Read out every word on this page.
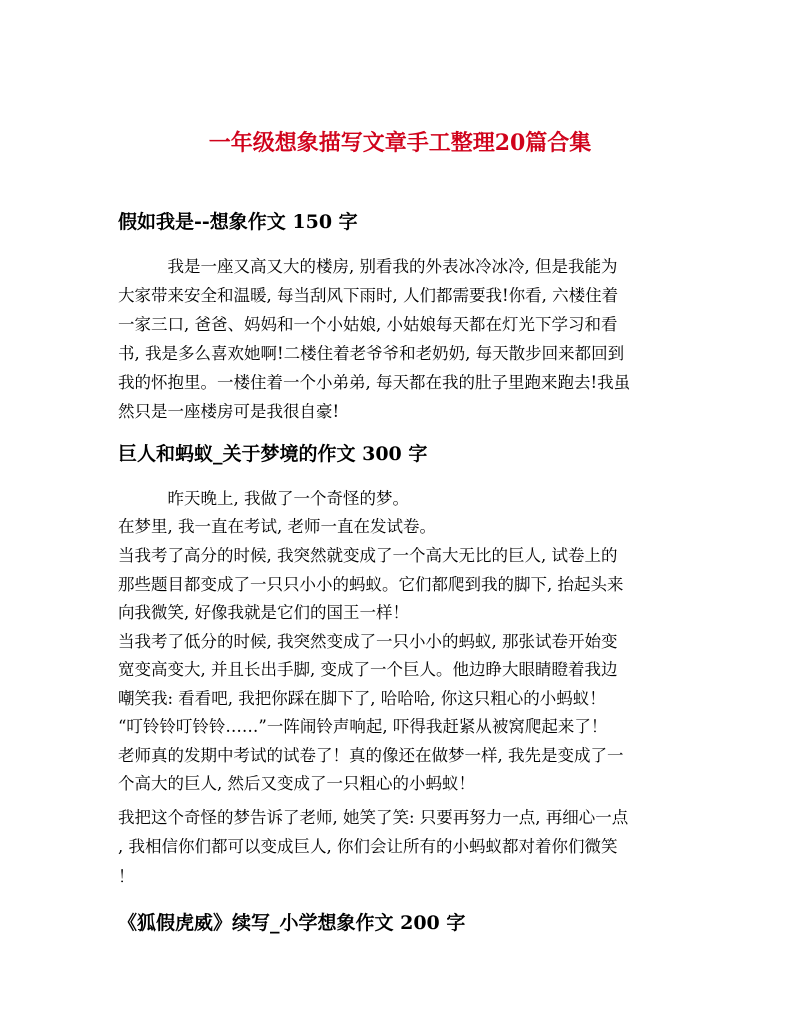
一年级想象描写文章手工整理20篇合集
假如我是--想象作文 150 字
　　　我是一座又高又大的楼房, 别看我的外表冰冷冰冷, 但是我能为
大家带来安全和温暖, 每当刮风下雨时, 人们都需要我!你看, 六楼住着
一家三口, 爸爸、妈妈和一个小姑娘, 小姑娘每天都在灯光下学习和看
书, 我是多么喜欢她啊!二楼住着老爷爷和老奶奶, 每天散步回来都回到
我的怀抱里。一楼住着一个小弟弟, 每天都在我的肚子里跑来跑去!我虽
然只是一座楼房可是我很自豪!
巨人和蚂蚁_关于梦境的作文 300 字
　　　昨天晚上, 我做了一个奇怪的梦。
在梦里, 我一直在考试, 老师一直在发试卷。
当我考了高分的时候, 我突然就变成了一个高大无比的巨人, 试卷上的
那些题目都变成了一只只小小的蚂蚁。它们都爬到我的脚下, 抬起头来
向我微笑, 好像我就是它们的国王一样！
当我考了低分的时候, 我突然变成了一只小小的蚂蚁, 那张试卷开始变
宽变高变大, 并且长出手脚, 变成了一个巨人。他边睁大眼睛瞪着我边
嘲笑我: 看看吧, 我把你踩在脚下了, 哈哈哈, 你这只粗心的小蚂蚁！
“叮铃铃叮铃铃……”一阵闹铃声响起, 吓得我赶紧从被窝爬起来了！
老师真的发期中考试的试卷了！真的像还在做梦一样, 我先是变成了一
个高大的巨人, 然后又变成了一只粗心的小蚂蚁！
我把这个奇怪的梦告诉了老师, 她笑了笑: 只要再努力一点, 再细心一点
, 我相信你们都可以变成巨人, 你们会让所有的小蚂蚁都对着你们微笑
！
《狐假虎威》续写_小学想象作文 200 字
